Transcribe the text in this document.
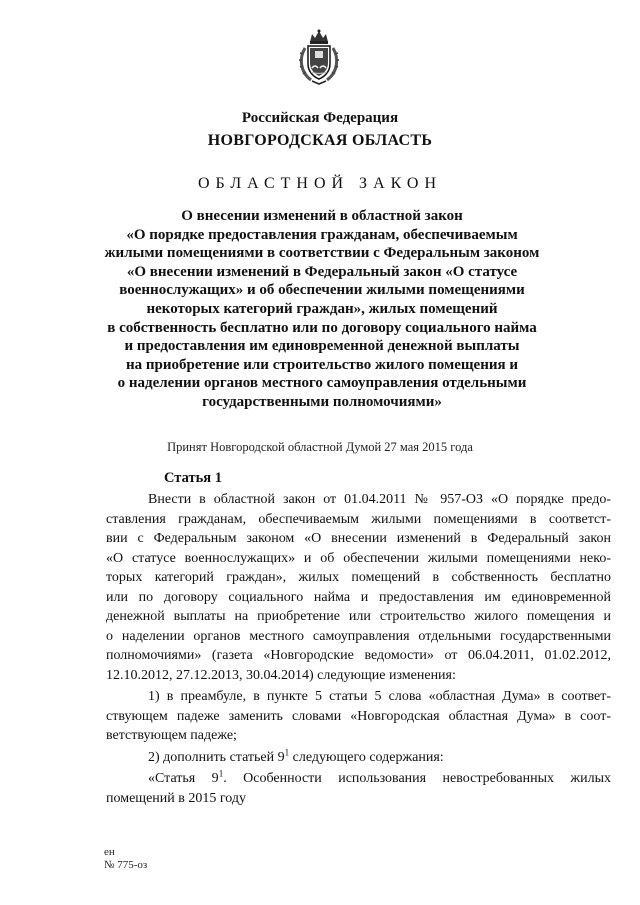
Российская Федерация
НОВГОРОДСКАЯ ОБЛАСТЬ
ОБЛАСТНОЙ ЗАКОН
О внесении изменений в областной закон
«О порядке предоставления гражданам, обеспечиваемым
жилыми помещениями в соответствии с Федеральным законом
«О внесении изменений в Федеральный закон «О статусе
военнослужащих» и об обеспечении жилыми помещениями
некоторых категорий граждан», жилых помещений
в собственность бесплатно или по договору социального найма
и предоставления им единовременной денежной выплаты
на приобретение или строительство жилого помещения и
о наделении органов местного самоуправления отдельными
государственными полномочиями»
Принят Новгородской областной Думой 27 мая 2015 года
Статья 1
Внести в областной закон от 01.04.2011 № 957-ОЗ «О порядке предо-
ставления гражданам, обеспечиваемым жилыми помещениями в соответст-
вии с Федеральным законом «О внесении изменений в Федеральный закон
«О статусе военнослужащих» и об обеспечении жилыми помещениями неко-
торых категорий граждан», жилых помещений в собственность бесплатно
или по договору социального найма и предоставления им единовременной
денежной выплаты на приобретение или строительство жилого помещения и
о наделении органов местного самоуправления отдельными государственными
полномочиями» (газета «Новгородские ведомости» от 06.04.2011, 01.02.2012,
12.10.2012, 27.12.2013, 30.04.2014) следующие изменения:
1) в преамбуле, в пункте 5 статьи 5 слова «областная Дума» в соответ-
ствующем падеже заменить словами «Новгородская областная Дума» в соот-
ветствующем падеже;
2) дополнить статьей $9^1$ следующего содержания:
«Статья $9^1$. Особенности использования невостребованных жилых
помещений в 2015 году
ен
№ 775-оз
